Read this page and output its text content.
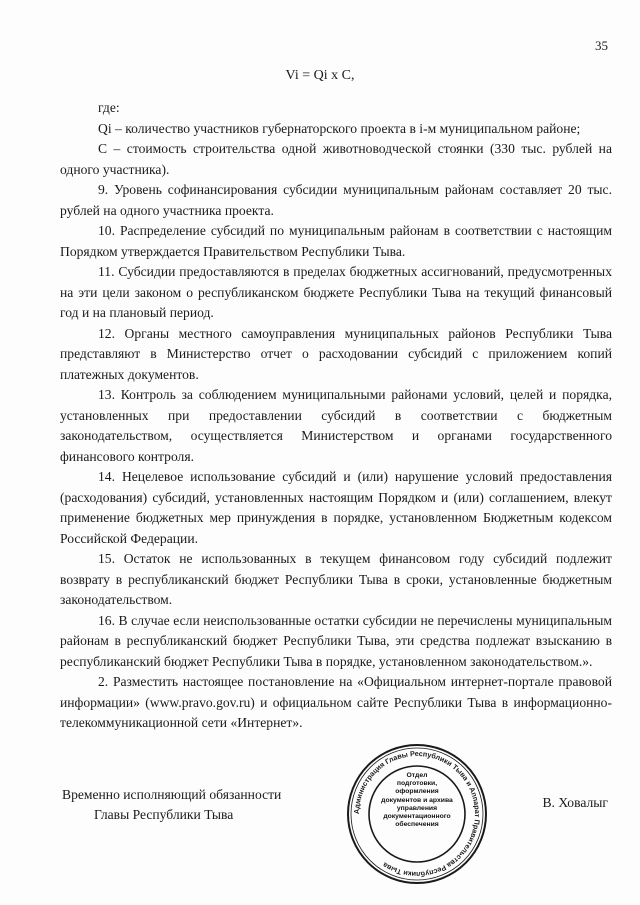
35
Vi = Qi x C,

где:

Qi – количество участников губернаторского проекта в i-м муниципальном районе;

С – стоимость строительства одной животноводческой стоянки (330 тыс. рублей на одного участника).

9. Уровень софинансирования субсидии муниципальным районам составляет 20 тыс. рублей на одного участника проекта.

10. Распределение субсидий по муниципальным районам в соответствии с настоящим Порядком утверждается Правительством Республики Тыва.

11. Субсидии предоставляются в пределах бюджетных ассигнований, предусмотренных на эти цели законом о республиканском бюджете Республики Тыва на текущий финансовый год и на плановый период.

12. Органы местного самоуправления муниципальных районов Республики Тыва представляют в Министерство отчет о расходовании субсидий с приложением копий платежных документов.

13. Контроль за соблюдением муниципальными районами условий, целей и порядка, установленных при предоставлении субсидий в соответствии с бюджетным законодательством, осуществляется Министерством и органами государственного финансового контроля.

14. Нецелевое использование субсидий и (или) нарушение условий предоставления (расходования) субсидий, установленных настоящим Порядком и (или) соглашением, влекут применение бюджетных мер принуждения в порядке, установленном Бюджетным кодексом Российской Федерации.

15. Остаток не использованных в текущем финансовом году субсидий подлежит возврату в республиканский бюджет Республики Тыва в сроки, установленные бюджетным законодательством.

16. В случае если неиспользованные остатки субсидии не перечислены муниципальным районам в республиканский бюджет Республики Тыва, эти средства подлежат взысканию в республиканский бюджет Республики Тыва в порядке, установленном законодательством.».

2. Разместить настоящее постановление на «Официальном интернет-портале правовой информации» (www.pravo.gov.ru) и официальном сайте Республики Тыва в информационно-телекоммуникационной сети «Интернет».

Временно исполняющий обязанности
Главы Республики Тыва	Администрация Главы Республики Тыва и Аппарат Правительства Республики Тыва
Отдел
подготовки,
оформления
документов и архива
управления
документационного
обеспечения
В. Ховалыг
